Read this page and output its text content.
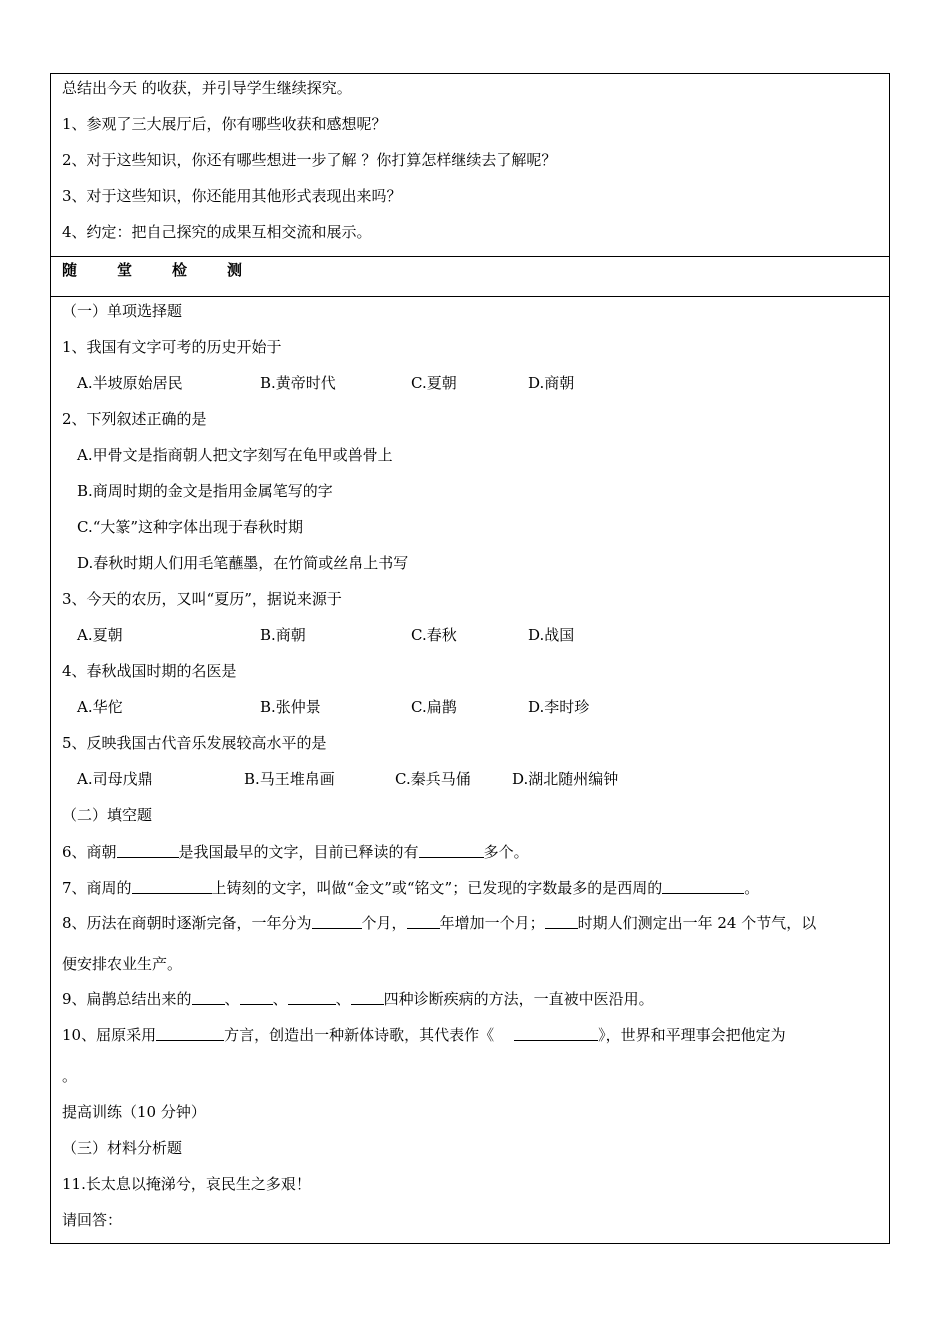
总结出今天 的收获，并引导学生继续探究。
1、参观了三大展厅后，你有哪些收获和感想呢？
2、对于这些知识，你还有哪些想进一步了解 ？你打算怎样继续去了解呢？
3、对于这些知识，你还能用其他形式表现出来吗？
4、约定：把自己探究的成果互相交流和展示。
随	堂	检	测
（一）单项选择题
1、我国有文字可考的历史开始于
A.半坡原始居民	B.黄帝时代	C.夏朝	D.商朝
2、下列叙述正确的是
A.甲骨文是指商朝人把文字刻写在龟甲或兽骨上
B.商周时期的金文是指用金属笔写的字
C.“大篆”这种字体出现于春秋时期
D.春秋时期人们用毛笔蘸墨，在竹简或丝帛上书写
3、今天的农历，又叫“夏历”，据说来源于
A.夏朝	B.商朝	C.春秋	D.战国
4、春秋战国时期的名医是
A.华佗	B.张仲景	C.扁鹊	D.李时珍
5、反映我国古代音乐发展较高水平的是
A.司母戊鼎	B.马王堆帛画	C.秦兵马俑	D.湖北随州编钟
（二）填空题
6、商朝	是我国最早的文字，目前已释读的有	多个。
7、商周的	上铸刻的文字，叫做“金文”或“铭文”；已发现的字数最多的是西周的	。
8、历法在商朝时逐渐完备，一年分为	个月， 年增加一个月； 时期人们测定出一年 24 个节气，以
便安排农业生产。
9、扁鹊总结出来的 、 、	、 四种诊断疾病的方法，一直被中医沿用。
10、屈原采用	方言，创造出一种新体诗歌，其代表作《	》，世界和平理事会把他定为
。
提高训练（10 分钟）
（三）材料分析题
11.长太息以掩涕兮，哀民生之多艰！
请回答：
